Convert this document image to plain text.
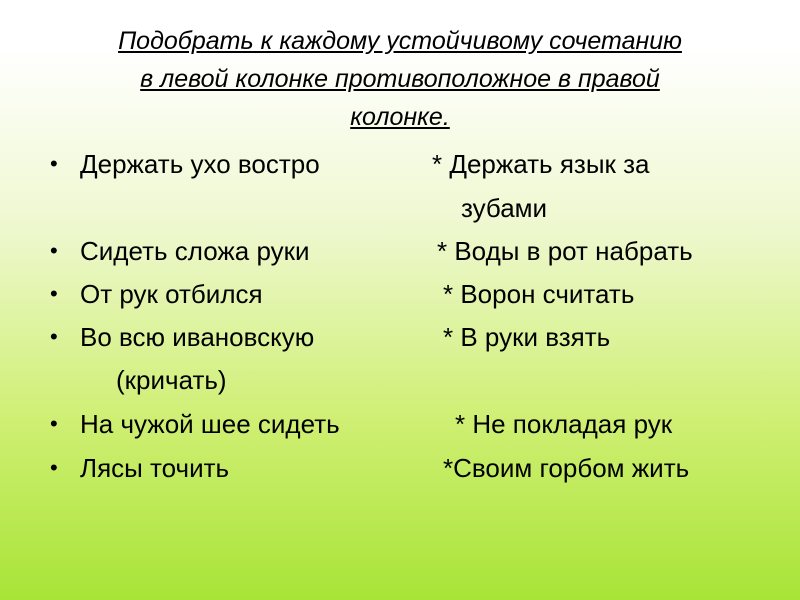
Подобрать к каждому устойчивому сочетанию
в левой колонке противоположное в правой
колонке.
• Держать ухо востро	* Держать язык за
зубами
• Сидеть сложа руки	* Воды в рот набрать
• От рук отбился	* Ворон считать
• Во всю ивановскую	* В руки взять
(кричать)
• На чужой шее сидеть	* Не покладая рук
• Лясы точить	*Своим горбом жить
